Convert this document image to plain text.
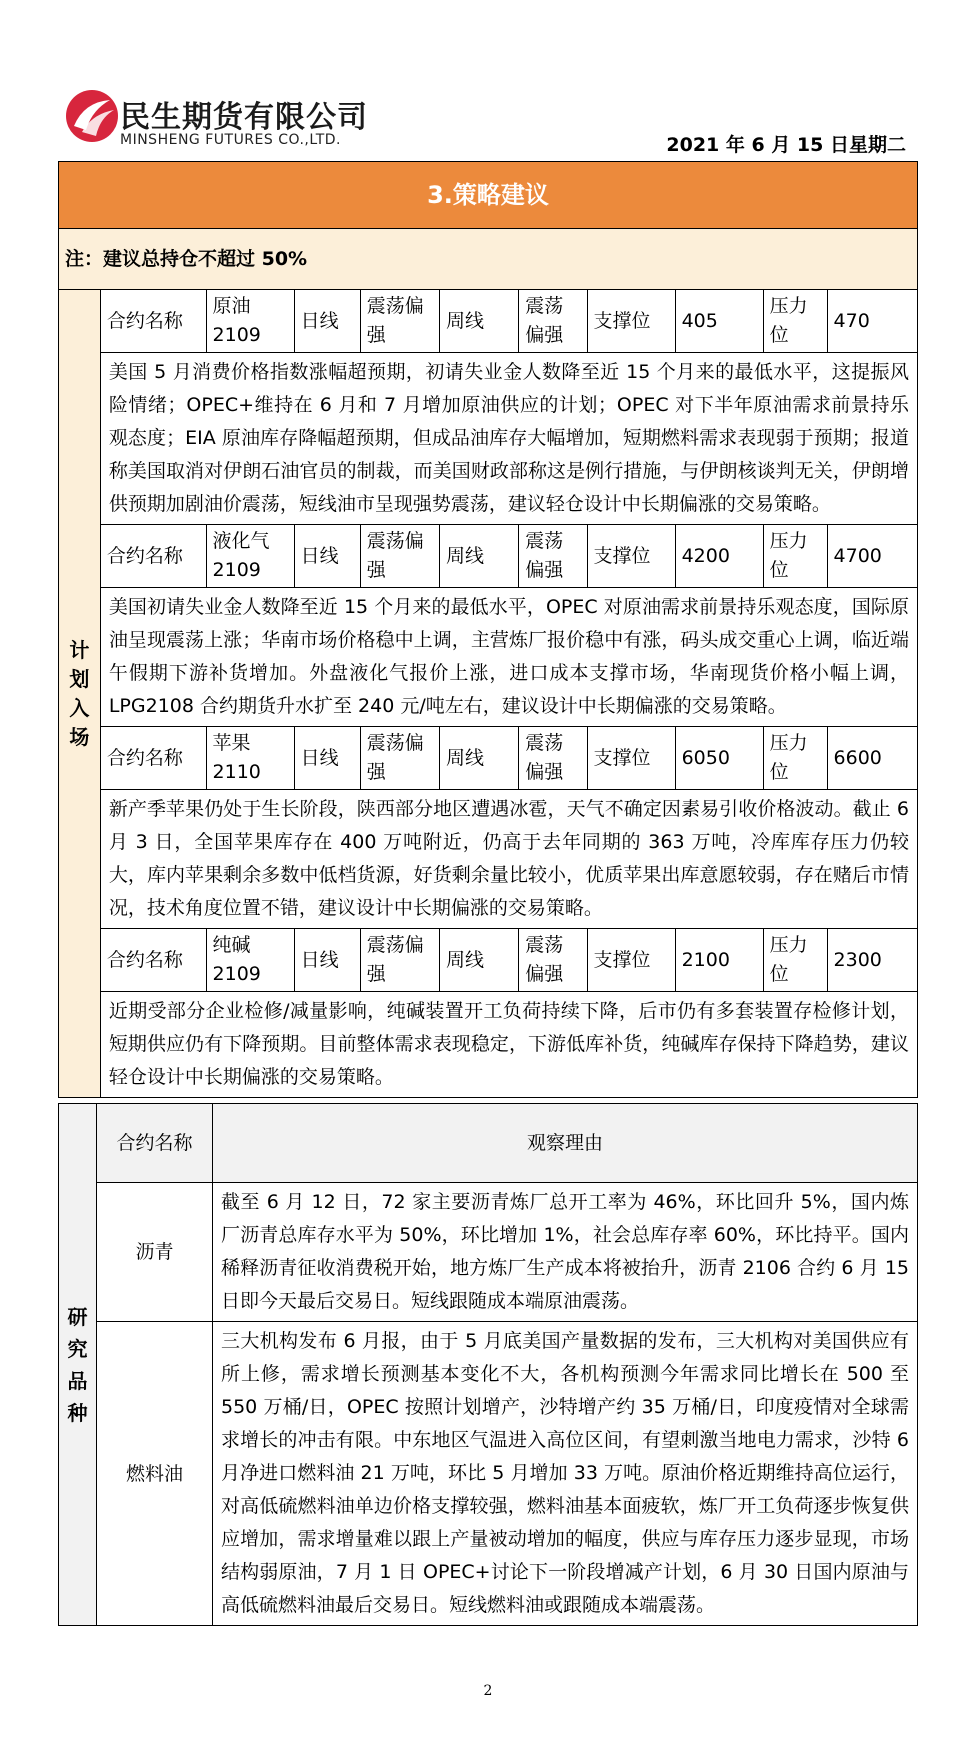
民生期货有限公司
MINSHENG FUTURES CO.,LTD.	2021 年 6 月 15 日星期二
3.策略建议										
注：建议总持仓不超过 50%										

计划入场	合约名称	原油 2109	日线	震荡偏强	周线	震荡偏强	支撑位	405	压力位	470
	美国 5 月消费价格指数涨幅超预期，初请失业金人数降至近 15 个月来的最低水平，这提振风险情绪；OPEC+维持在 6 月和 7 月增加原油供应的计划；OPEC 对下半年原油需求前景持乐观态度；EIA 原油库存降幅超预期，但成品油库存大幅增加，短期燃料需求表现弱于预期；报道称美国取消对伊朗石油官员的制裁，而美国财政部称这是例行措施，与伊朗核谈判无关，伊朗增供预期加剧油价震荡，短线油市呈现强势震荡，建议轻仓设计中长期偏涨的交易策略。									
	合约名称	液化气 2109	日线	震荡偏强	周线	震荡偏强	支撑位	4200	压力位	4700
	美国初请失业金人数降至近 15 个月来的最低水平，OPEC 对原油需求前景持乐观态度，国际原油呈现震荡上涨；华南市场价格稳中上调，主营炼厂报价稳中有涨，码头成交重心上调，临近端午假期下游补货增加。外盘液化气报价上涨，进口成本支撑市场，华南现货价格小幅上调，LPG2108 合约期货升水扩至 240 元/吨左右，建议设计中长期偏涨的交易策略。									
	合约名称	苹果 2110	日线	震荡偏强	周线	震荡偏强	支撑位	6050	压力位	6600
	新产季苹果仍处于生长阶段，陕西部分地区遭遇冰雹，天气不确定因素易引收价格波动。截止 6 月 3 日，全国苹果库存在 400 万吨附近，仍高于去年同期的 363 万吨，冷库库存压力仍较大，库内苹果剩余多数中低档货源，好货剩余量比较小，优质苹果出库意愿较弱，存在赌后市情况，技术角度位置不错，建议设计中长期偏涨的交易策略。									
	合约名称	纯碱 2109	日线	震荡偏强	周线	震荡偏强	支撑位	2100	压力位	2300
	近期受部分企业检修/减量影响，纯碱装置开工负荷持续下降，后市仍有多套装置存检修计划，短期供应仍有下降预期。目前整体需求表现稳定，下游低库补货，纯碱库存保持下降趋势，建议轻仓设计中长期偏涨的交易策略。									
研究品种	合约名称	观察理由
	沥青	截至 6 月 12 日，72 家主要沥青炼厂总开工率为 46%，环比回升 5%，国内炼厂沥青总库存水平为 50%，环比增加 1%，社会总库存率 60%，环比持平。国内稀释沥青征收消费税开始，地方炼厂生产成本将被抬升，沥青 2106 合约 6 月 15 日即今天最后交易日。短线跟随成本端原油震荡。
	燃料油	三大机构发布 6 月报，由于 5 月底美国产量数据的发布，三大机构对美国供应有所上修，需求增长预测基本变化不大，各机构预测今年需求同比增长在 500 至 550 万桶/日，OPEC 按照计划增产，沙特增产约 35 万桶/日，印度疫情对全球需求增长的冲击有限。中东地区气温进入高位区间，有望刺激当地电力需求，沙特 6 月净进口燃料油 21 万吨，环比 5 月增加 33 万吨。原油价格近期维持高位运行，对高低硫燃料油单边价格支撑较强，燃料油基本面疲软，炼厂开工负荷逐步恢复供应增加，需求增量难以跟上产量被动增加的幅度，供应与库存压力逐步显现，市场结构弱原油，7 月 1 日 OPEC+讨论下一阶段增减产计划，6 月 30 日国内原油与高低硫燃料油最后交易日。短线燃料油或跟随成本端震荡。
2
